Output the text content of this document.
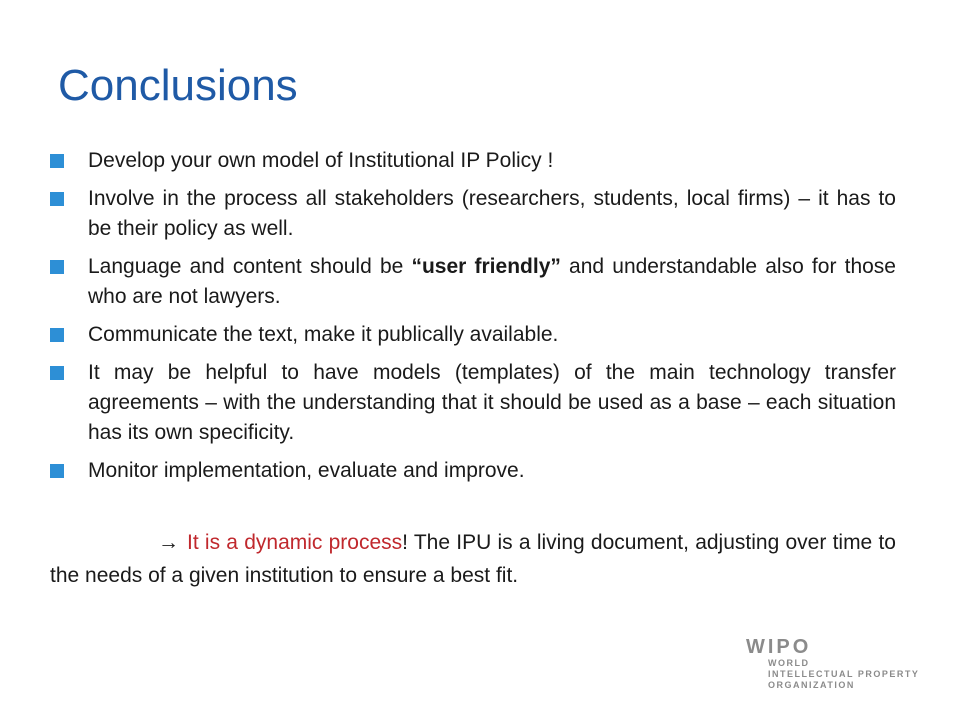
Conclusions
Develop your own model of Institutional IP Policy !
Involve in the process all stakeholders (researchers, students, local firms) – it has to be their policy as well.
Language and content should be “user friendly” and understandable also for those who are not lawyers.
Communicate the text, make it publically available.
It may be helpful to have models (templates) of the main technology transfer agreements – with the understanding that it should be used as a base – each situation has its own specificity.
Monitor implementation, evaluate and improve.

→ It is a dynamic process! The IPU is a living document, adjusting over time to the needs of a given institution to ensure a best fit.

WIPO
WORLD
INTELLECTUAL PROPERTY
ORGANIZATION
